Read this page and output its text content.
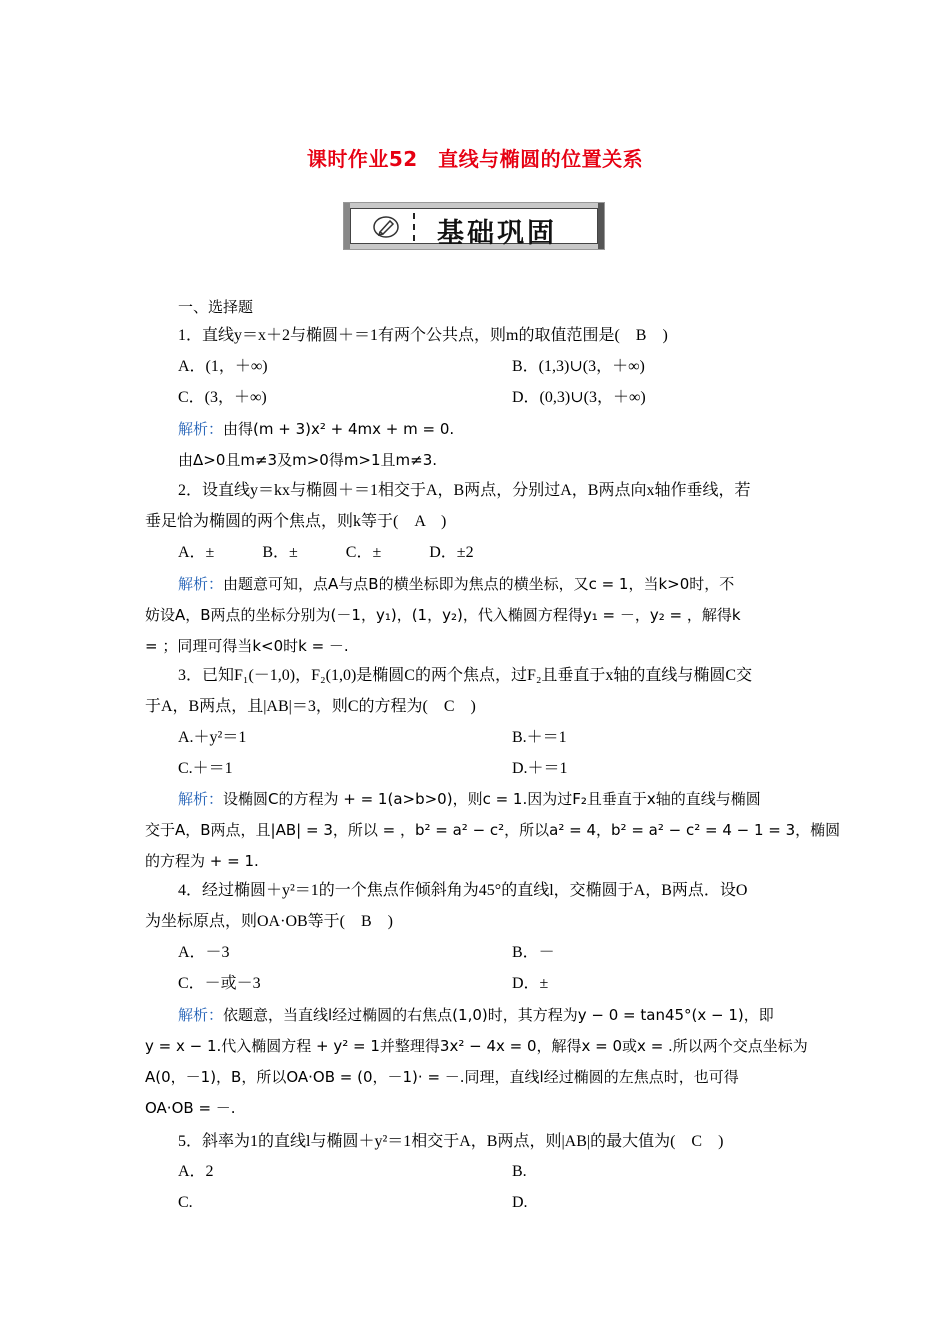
课时作业52　直线与椭圆的位置关系
基础巩固
一、选择题
1．直线y＝x＋2与椭圆＋＝1有两个公共点，则m的取值范围是(　B　)
A．(1，＋∞)	B．(1,3)∪(3，＋∞)
C．(3，＋∞)	D．(0,3)∪(3，＋∞)
解析：由得(m + 3)x² + 4mx + m = 0.
由Δ>0且m≠3及m>0得m>1且m≠3.
2．设直线y＝kx与椭圆＋＝1相交于A，B两点，分别过A，B两点向x轴作垂线，若
垂足恰为椭圆的两个焦点，则k等于(　A　)
A．±　　　B．±　　　C．±　　　D．±2
解析：由题意可知，点A与点B的横坐标即为焦点的横坐标，又c = 1，当k>0时，不
妨设A，B两点的坐标分别为(－1，y₁)，(1，y₂)，代入椭圆方程得y₁ = －，y₂ = ，解得k
= ；同理可得当k<0时k = －.
3．已知F₁(－1,0)，F₂(1,0)是椭圆C的两个焦点，过F₂且垂直于x轴的直线与椭圆C交
于A，B两点，且|AB|＝3，则C的方程为(　C　)
A.＋y²＝1	B.＋＝1
C.＋＝1	D.＋＝1
解析：设椭圆C的方程为 + = 1(a>b>0)，则c = 1.因为过F₂且垂直于x轴的直线与椭圆
交于A，B两点，且|AB| = 3，所以 = ，b² = a² − c²，所以a² = 4，b² = a² − c² = 4 − 1 = 3，椭圆
的方程为 + = 1.
4．经过椭圆＋y²＝1的一个焦点作倾斜角为45°的直线l，交椭圆于A，B两点．设O
为坐标原点，则OA·OB等于(　B　)
A．－3	B．－
C．－或－3	D．±
解析：依题意，当直线l经过椭圆的右焦点(1,0)时，其方程为y − 0 = tan45°(x − 1)，即
y = x − 1.代入椭圆方程 + y² = 1并整理得3x² − 4x = 0，解得x = 0或x = .所以两个交点坐标为
A(0，－1)，B，所以OA·OB = (0，－1)· = －.同理，直线l经过椭圆的左焦点时，也可得
OA·OB = －.
5．斜率为1的直线l与椭圆＋y²＝1相交于A，B两点，则|AB|的最大值为(　C　)
A．2	B.
C.	D.
